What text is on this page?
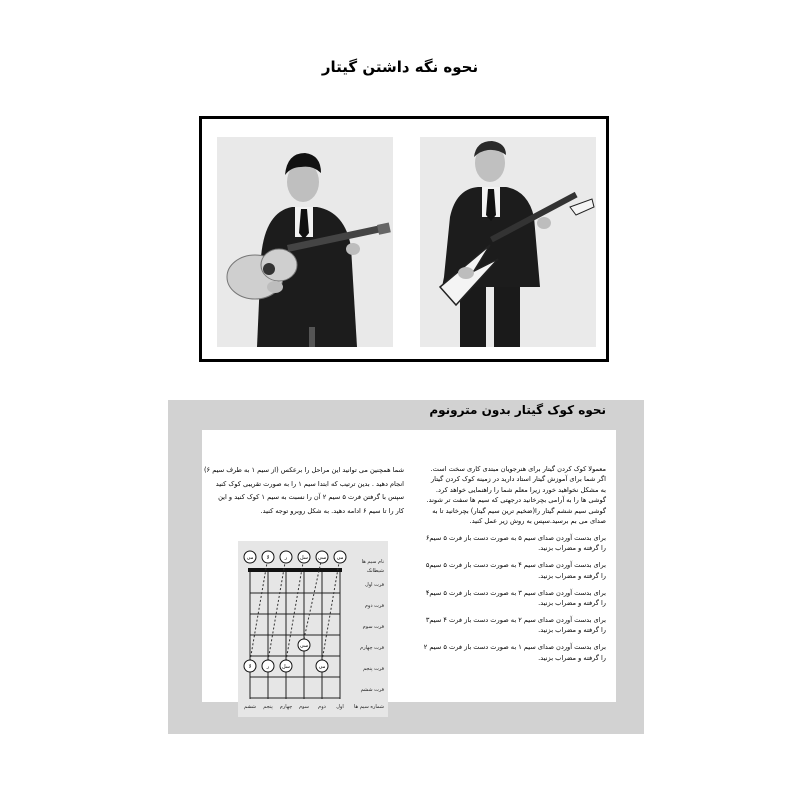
نحوه نگه داشتن گیتار
نحوه کوک گیتار بدون مترونوم

معمولا کوک کردن گیتار برای هنرجویان مبتدی کاری سخت است.

اگر شما برای آموزش گیتار استاد دارید در زمینه کوک کردن گیتار

به مشکل نخواهید خورد زیرا معلم شما را راهنمایی خواهد کرد.

گوشی ها را به آرامی بچرخانید درجهتی که سیم ها سفت تر شوند.

گوشی سیم ششم گیتار را(ضخیم ترین سیم گیتار) بچرخانید تا به

صدای می بم برسید.سپس به روش زیر عمل کنید.

برای بدست آوردن صدای سیم ۵ به صورت دست باز فرت ۵ سیم۶

را گرفته و مضراب بزنید.

برای بدست آوردن صدای سیم ۴ به صورت دست باز فرت ۵ سیم۵

را گرفته و مضراب بزنید.

برای بدست آوردن صدای سیم ۳ به صورت دست باز فرت ۵ سیم۴

را گرفته و مضراب بزنید.

برای بدست آوردن صدای سیم ۲ به صورت دست باز فرت ۴ سیم۳

را گرفته و مضراب بزنید.

برای بدست آوردن صدای سیم ۱ به صورت دست باز فرت ۵ سیم ۲

را گرفته و مضراب بزنید.

شما همچنین می توانید این مراحل را برعکس (از سیم ۱ به طرف سیم ۶)

انجام دهید . بدین ترتیب که ابتدا سیم ۱ را به صورت تقریبی کوک کنید

سپس با گرفتن فرت ۵ سیم ۲ آن را نسبت به سیم ۱ کوک کنید و این

کار را تا سیم ۶ ادامه دهید. به شکل روبرو توجه کنید.

می	لا	ر	سل سی می
لا	ر	سل
سی
می
نام سیم ها
شیطانک
فرت اول
فرت دوم
فرت سوم
فرت چهارم
فرت پنجم
فرت ششم
شماره سیم ها
اول
دوم
سوم
چهارم
پنجم
ششم
